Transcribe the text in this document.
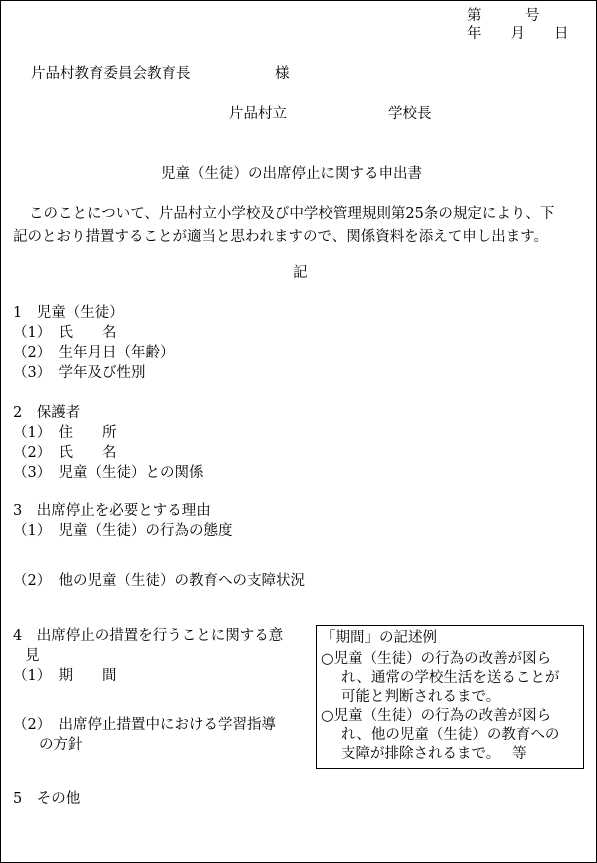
第　　　号
年　　月　　日
片品村教育委員会教育長	様
片品村立	学校長
児童（生徒）の出席停止に関する申出書
このことについて、片品村立小学校及び中学校管理規則第25条の規定により、下
記のとおり措置することが適当と思われますので、関係資料を添えて申し出ます。
記
1　児童（生徒）
（1）　氏　　名
（2）　生年月日（年齢）
（3）　学年及び性別
2　保護者
（1）　住　　所
（2）　氏　　名
（3）　児童（生徒）との関係
3　出席停止を必要とする理由
（1）　児童（生徒）の行為の態度
（2）　他の児童（生徒）の教育への支障状況
4　出席停止の措置を行うことに関する意
見
（1）　期　　間
（2）　出席停止措置中における学習指導
の方針
5　その他
「期間」の記述例
○児童（生徒）の行為の改善が図ら
れ、通常の学校生活を送ることが
可能と判断されるまで。
○児童（生徒）の行為の改善が図ら
れ、他の児童（生徒）の教育への
支障が排除されるまで。　 等
